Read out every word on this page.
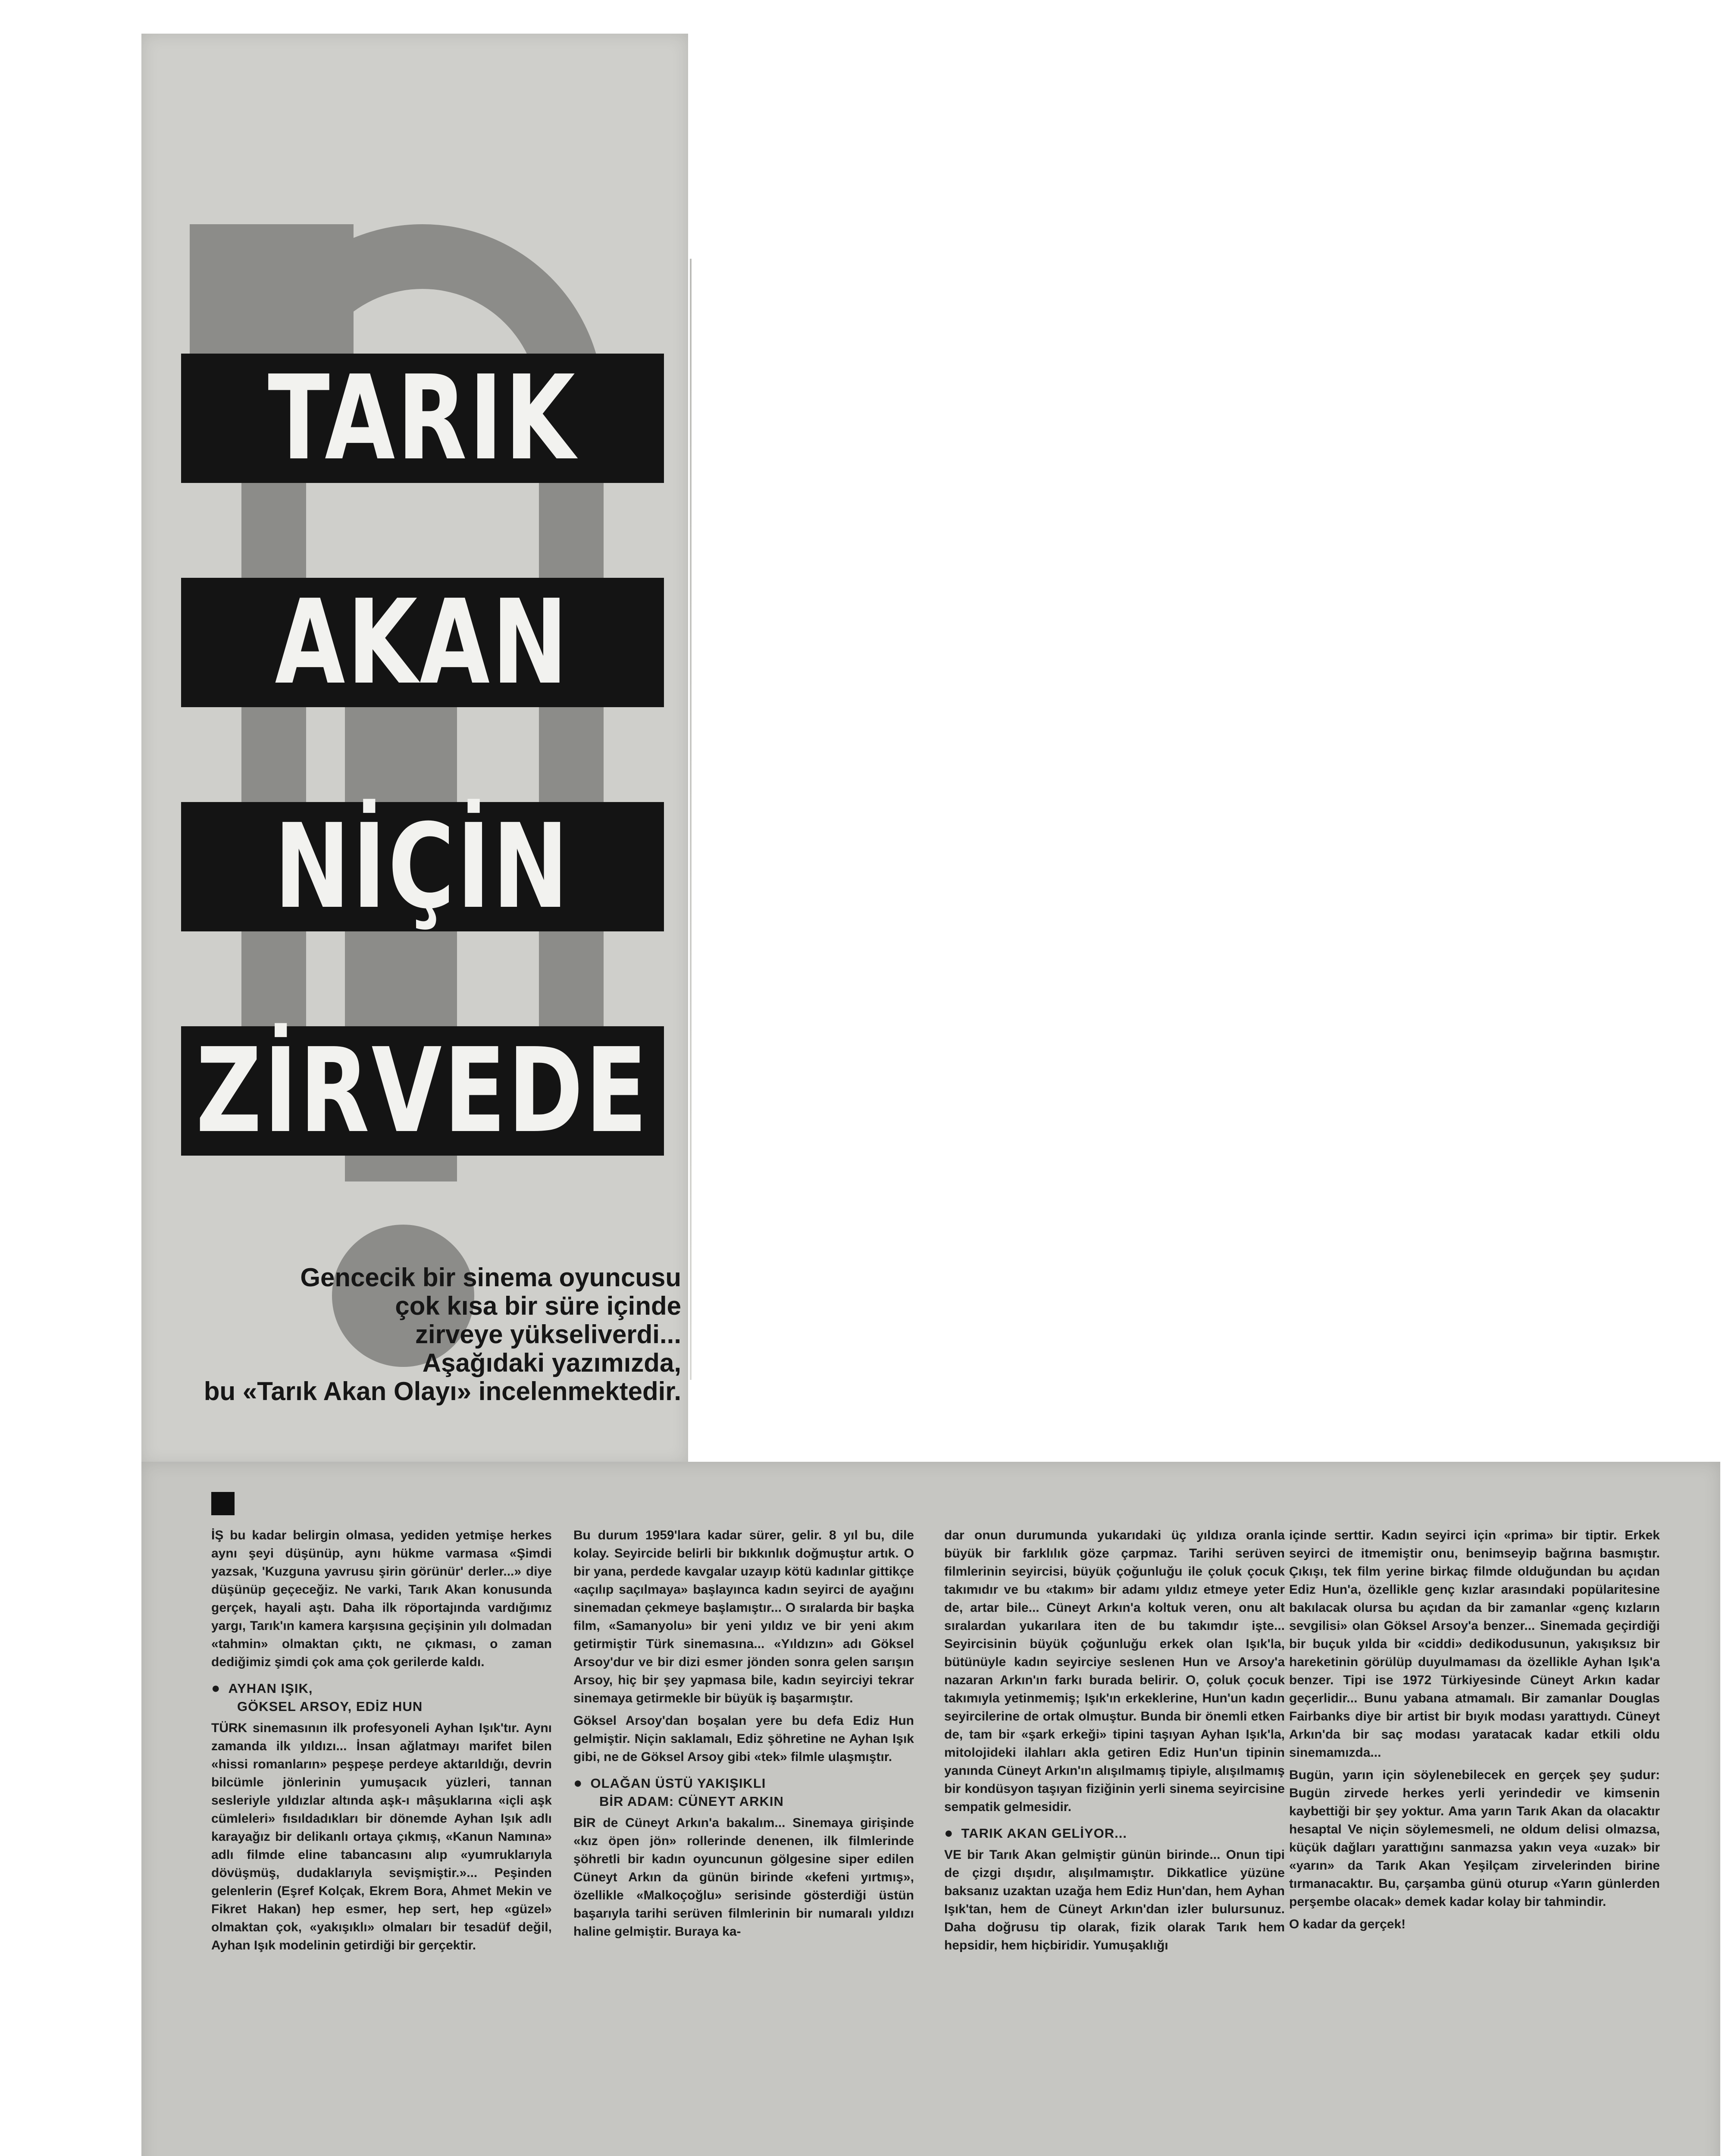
TARIK
AKAN
NİÇİN
ZİRVEDE
Gencecik bir sinema oyuncusu
çok kısa bir süre içinde
zirveye yükseliverdi...
Aşağıdaki yazımızda,
bu «Tarık Akan Olayı» incelenmektedir.

İŞ bu kadar belirgin olmasa, yediden yetmişe herkes aynı şeyi düşünüp, aynı hükme varmasa «Şimdi yazsak, 'Kuzguna yavrusu şirin görünür' derler...» diye düşünüp geçeceğiz. Ne varki, Tarık Akan konusunda gerçek, hayali aştı. Daha ilk röportajında vardığımız yargı, Tarık'ın kamera karşısına geçişinin yılı dolmadan «tahmin» olmaktan çıktı, ne çıkması, o zaman dediğimiz şimdi çok ama çok gerilerde kaldı.

● AYHAN IŞIK,
GÖKSEL ARSOY, EDİZ HUN

TÜRK sinemasının ilk profesyoneli Ayhan Işık'tır. Aynı zamanda ilk yıldızı... İnsan ağlatmayı marifet bilen «hissi romanların» peşpeşe perdeye aktarıldığı, devrin bilcümle jönlerinin yumuşacık yüzleri, tannan sesleriyle yıldızlar altında aşk-ı mâşuklarına «içli aşk cümleleri» fısıldadıkları bir dönemde Ayhan Işık adlı karayağız bir delikanlı ortaya çıkmış, «Kanun Namına» adlı filmde eline tabancasını alıp «yumruklarıyla dövüşmüş, dudaklarıyla sevişmiştir.»... Peşinden gelenlerin (Eşref Kolçak, Ekrem Bora, Ahmet Mekin ve Fikret Hakan) hep esmer, hep sert, hep «güzel» olmaktan çok, «yakışıklı» olmaları bir tesadüf değil, Ayhan Işık modelinin getirdiği bir gerçektir.

Bu durum 1959'lara kadar sürer, gelir. 8 yıl bu, dile kolay. Seyircide belirli bir bıkkınlık doğmuştur artık. O bir yana, perdede kavgalar uzayıp kötü kadınlar gittikçe «açılıp saçılmaya» başlayınca kadın seyirci de ayağını sinemadan çekmeye başlamıştır... O sıralarda bir başka film, «Samanyolu» bir yeni yıldız ve bir yeni akım getirmiştir Türk sinemasına... «Yıldızın» adı Göksel Arsoy'dur ve bir dizi esmer jönden sonra gelen sarışın Arsoy, hiç bir şey yapmasa bile, kadın seyirciyi tekrar sinemaya getirmekle bir büyük iş başarmıştır.

Göksel Arsoy'dan boşalan yere bu defa Ediz Hun gelmiştir. Niçin saklamalı, Ediz şöhretine ne Ayhan Işık gibi, ne de Göksel Arsoy gibi «tek» filmle ulaşmıştır.

● OLAĞAN ÜSTÜ YAKIŞIKLI
BİR ADAM: CÜNEYT ARKIN

BİR de Cüneyt Arkın'a bakalım... Sinemaya girişinde «kız öpen jön» rollerinde denenen, ilk filmlerinde şöhretli bir kadın oyuncunun gölgesine siper edilen Cüneyt Arkın da günün birinde «kefeni yırtmış», özellikle «Malkoçoğlu» serisinde gösterdiği üstün başarıyla tarihi serüven filmlerinin bir numaralı yıldızı haline gelmiştir. Buraya ka-

dar onun durumunda yukarıdaki üç yıldıza oranla büyük bir farklılık göze çarpmaz. Tarihi serüven filmlerinin seyircisi, büyük çoğunluğu ile çoluk çocuk takımıdır ve bu «takım» bir adamı yıldız etmeye yeter de, artar bile... Cüneyt Arkın'a koltuk veren, onu alt sıralardan yukarılara iten de bu takımdır işte... Seyircisinin büyük çoğunluğu erkek olan Işık'la, bütünüyle kadın seyirciye seslenen Hun ve Arsoy'a nazaran Arkın'ın farkı burada belirir. O, çoluk çocuk takımıyla yetinmemiş; Işık'ın erkeklerine, Hun'un kadın seyircilerine de ortak olmuştur. Bunda bir önemli etken de, tam bir «şark erkeği» tipini taşıyan Ayhan Işık'la, mitolojideki ilahları akla getiren Ediz Hun'un tipinin yanında Cüneyt Arkın'ın alışılmamış tipiyle, alışılmamış bir kondüsyon taşıyan fiziğinin yerli sinema seyircisine sempatik gelmesidir.

● TARIK AKAN GELİYOR...

VE bir Tarık Akan gelmiştir günün birinde... Onun tipi de çizgi dışıdır, alışılmamıştır. Dikkatlice yüzüne baksanız uzaktan uzağa hem Ediz Hun'dan, hem Ayhan Işık'tan, hem de Cüneyt Arkın'dan izler bulursunuz. Daha doğrusu tip olarak, fizik olarak Tarık hem hepsidir, hem hiçbiridir. Yumuşaklığı

içinde serttir. Kadın seyirci için «prima» bir tiptir. Erkek seyirci de itmemiştir onu, benimseyip bağrına basmıştır. Çıkışı, tek film yerine birkaç filmde olduğundan bu açıdan Ediz Hun'a, özellikle genç kızlar arasındaki popülaritesine bakılacak olursa bu açıdan da bir zamanlar «genç kızların sevgilisi» olan Göksel Arsoy'a benzer... Sinemada geçirdiği bir buçuk yılda bir «ciddi» dedikodusunun, yakışıksız bir hareketinin görülüp duyulmaması da özellikle Ayhan Işık'a benzer. Tipi ise 1972 Türkiyesinde Cüneyt Arkın kadar geçerlidir... Bunu yabana atmamalı. Bir zamanlar Douglas Fairbanks diye bir artist bir bıyık modası yarattıydı. Cüneyt Arkın'da bir saç modası yaratacak kadar etkili oldu sinemamızda...

Bugün, yarın için söylenebilecek en gerçek şey şudur: Bugün zirvede herkes yerli yerindedir ve kimsenin kaybettiği bir şey yoktur. Ama yarın Tarık Akan da olacaktır hesaptal Ve niçin söylemesmeli, ne oldum delisi olmazsa, küçük dağları yarattığını sanmazsa yakın veya «uzak» bir «yarın» da Tarık Akan Yeşilçam zirvelerinden birine tırmanacaktır. Bu, çarşamba günü oturup «Yarın günlerden perşembe olacak» demek kadar kolay bir tahmindir.

O kadar da gerçek!
